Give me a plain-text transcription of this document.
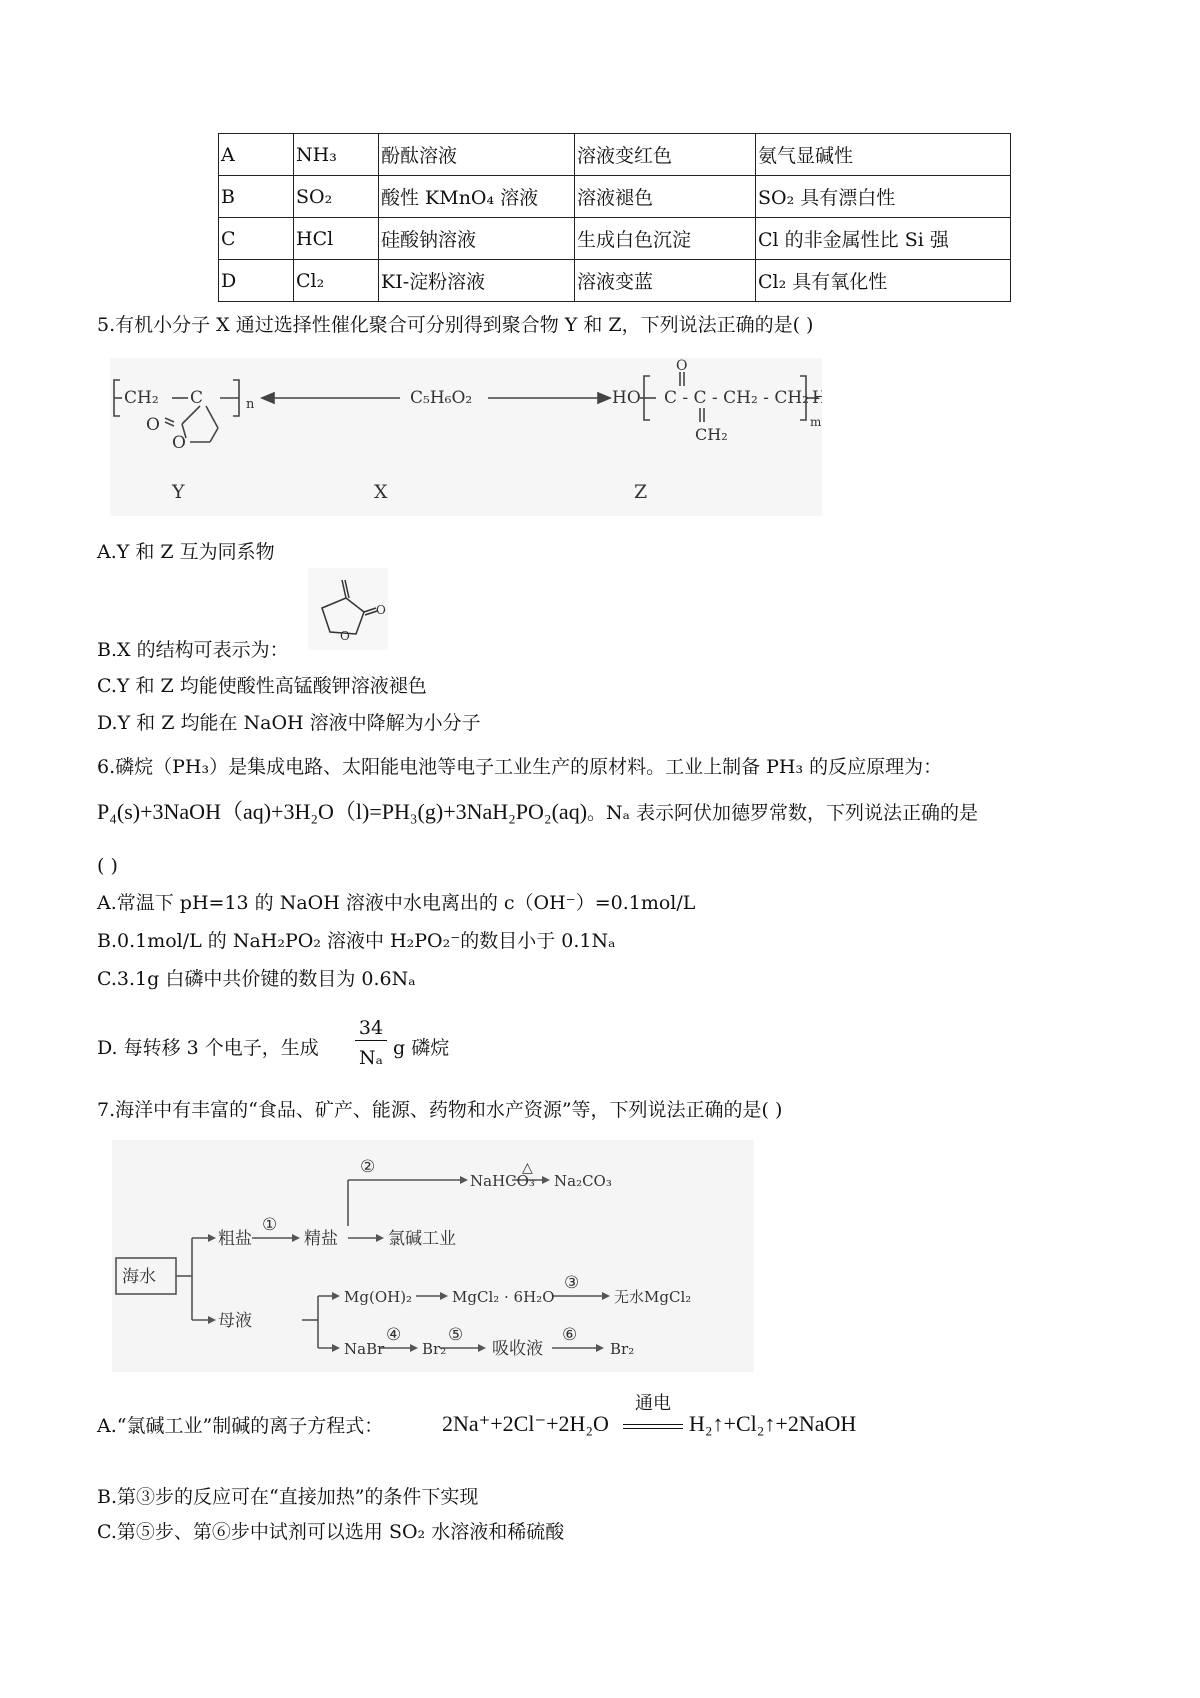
A	NH₃	酚酞溶液	溶液变红色	氨气显碱性
B	SO₂	酸性 KMnO₄ 溶液	溶液褪色	SO₂ 具有漂白性
C	HCl	硅酸钠溶液	生成白色沉淀	Cl 的非金属性比 Si 强
D	Cl₂	KI-淀粉溶液	溶液变蓝	Cl₂ 具有氧化性
5.有机小分子 X 通过选择性催化聚合可分别得到聚合物 Y 和 Z，下列说法正确的是( )
CH₂ C	n
O
O
C₅H₆O₂	HO
O
C - C - CH₂ - CH₂ -
CH₂
m
H
Y	X	Z
A.Y 和 Z 互为同系物
B.X 的结构可表示为：
O
O
C.Y 和 Z 均能使酸性高锰酸钾溶液褪色
D.Y 和 Z 均能在 NaOH 溶液中降解为小分子
6.磷烷（PH₃）是集成电路、太阳能电池等电子工业生产的原材料。工业上制备 PH₃ 的反应原理为：
P₄(s)+3NaOH（aq)+3H₂O（l)=PH₃(g)+3NaH₂PO₂(aq)。Nₐ 表示阿伏加德罗常数，下列说法正确的是
( )
A.常温下 pH=13 的 NaOH 溶液中水电离出的 c（OH⁻）=0.1mol/L
B.0.1mol/L 的 NaH₂PO₂ 溶液中 H₂PO₂⁻的数目小于 0.1Nₐ
C.3.1g 白磷中共价键的数目为 0.6Nₐ
D. 每转移 3 个电子，生成
34
Nₐ g 磷烷
7.海洋中有丰富的“食品、矿产、能源、药物和水产资源”等，下列说法正确的是( )
海水
粗盐	精盐	氯碱工业
NaHCO₃ Na₂CO₃
△
母液
Mg(OH)₂	MgCl₂ · 6H₂O	无水MgCl₂
NaBr	Br₂	吸收液	Br₂
①
②
③
④	⑤	⑥
A.“氯碱工业”制碱的离子方程式：	2Na⁺+2Cl⁻+2H₂O
通电
H₂↑+Cl₂↑+2NaOH
B.第③步的反应可在“直接加热”的条件下实现
C.第⑤步、第⑥步中试剂可以选用 SO₂ 水溶液和稀硫酸
